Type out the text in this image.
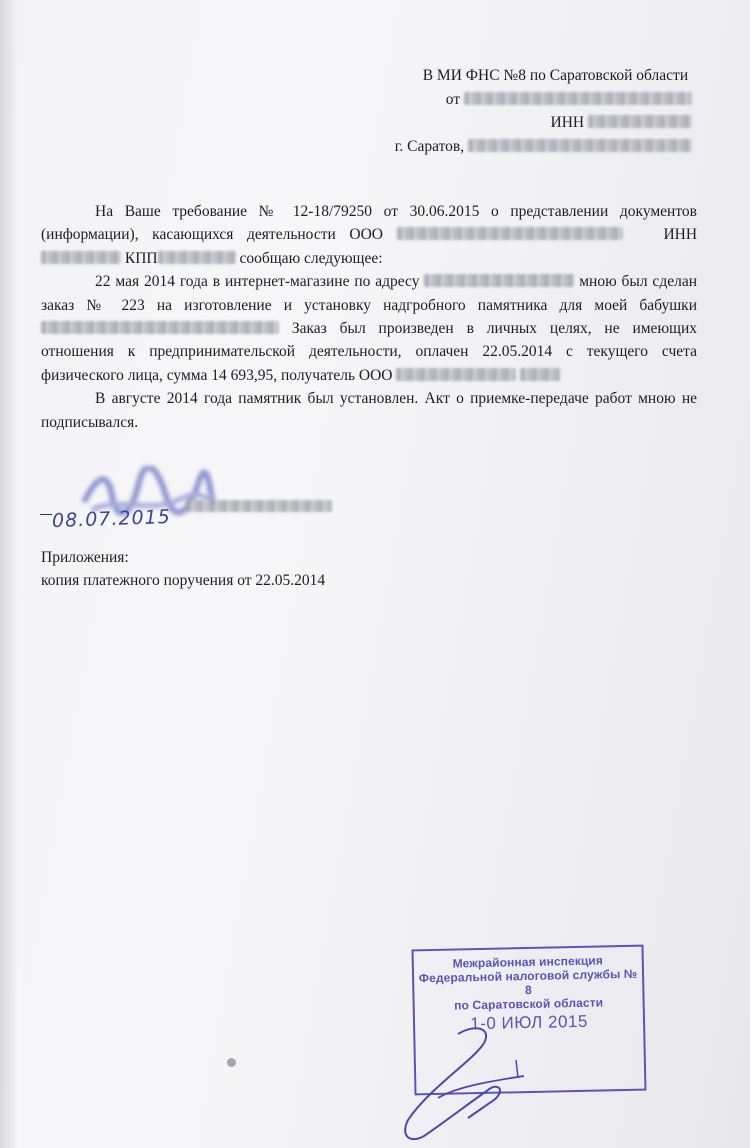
В МИ ФНС №8 по Саратовской области
от
ИНН
г. Саратов,

На Ваше требование № 12-18/79250 от 30.06.2015 о представлении документов (информации), касающихся деятельности ООО	ИНН  КПП	сообщаю следующее:

22 мая 2014 года в интернет-магазине по адресу	мною был сделан заказ № 223 на изготовление и установку надгробного памятника для моей бабушки  Заказ был произведен в личных целях, не имеющих отношения к предпринимательской деятельности, оплачен 22.05.2014 с текущего счета физического лица, сумма 14 693,95, получатель ООО

В августе 2014 года памятник был установлен. Акт о приемке-передаче работ мною не подписывался.

08.07.2015
Приложения:
копия платежного поручения от 22.05.2014
Межрайонная инспекция
Федеральной налоговой службы № 8
по Саратовской области
1-0 ИЮЛ 2015
